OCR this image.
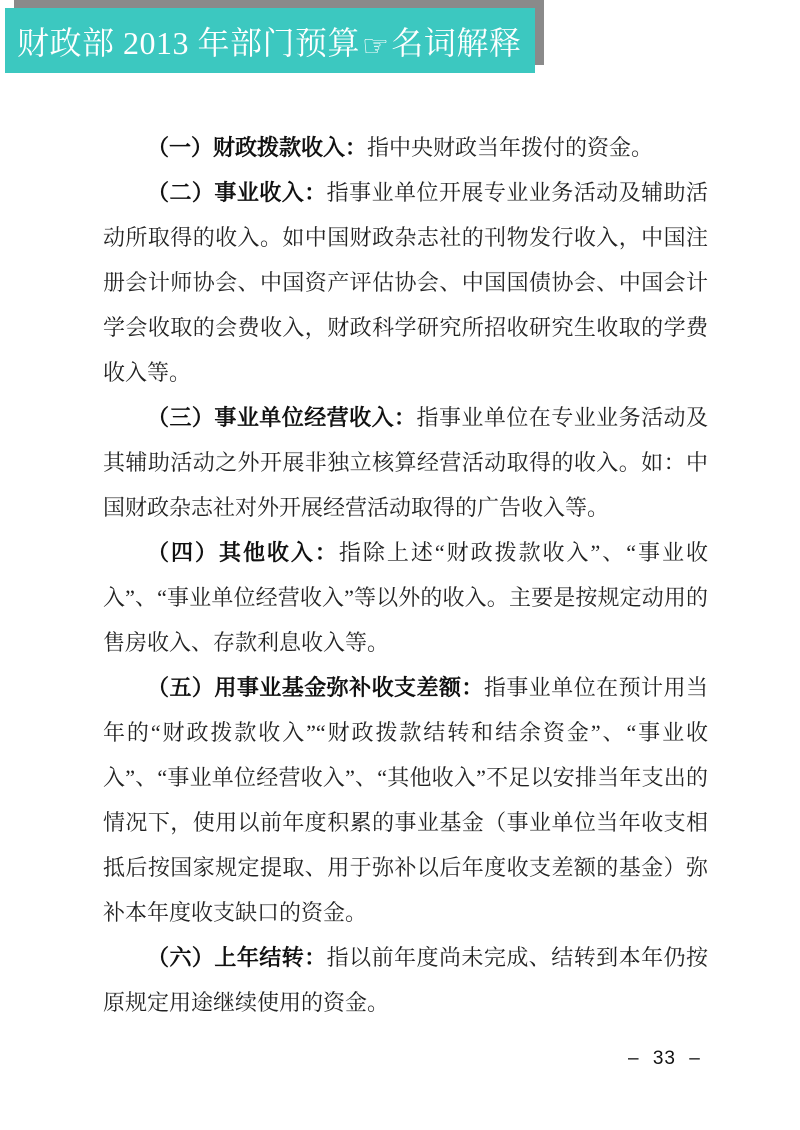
财政部 2013 年部门预算☞名词解释

（一）财政拨款收入：指中央财政当年拨付的资金。

（二）事业收入：指事业单位开展专业业务活动及辅助活动所取得的收入。如中国财政杂志社的刊物发行收入，中国注册会计师协会、中国资产评估协会、中国国债协会、中国会计学会收取的会费收入，财政科学研究所招收研究生收取的学费收入等。

（三）事业单位经营收入：指事业单位在专业业务活动及其辅助活动之外开展非独立核算经营活动取得的收入。如：中国财政杂志社对外开展经营活动取得的广告收入等。

（四）其他收入：指除上述“财政拨款收入”、“事业收入”、“事业单位经营收入”等以外的收入。主要是按规定动用的售房收入、存款利息收入等。

（五）用事业基金弥补收支差额：指事业单位在预计用当年的“财政拨款收入”“财政拨款结转和结余资金”、“事业收入”、“事业单位经营收入”、“其他收入”不足以安排当年支出的情况下，使用以前年度积累的事业基金（事业单位当年收支相抵后按国家规定提取、用于弥补以后年度收支差额的基金）弥补本年度收支缺口的资金。

（六）上年结转：指以前年度尚未完成、结转到本年仍按原规定用途继续使用的资金。

– 33 –
